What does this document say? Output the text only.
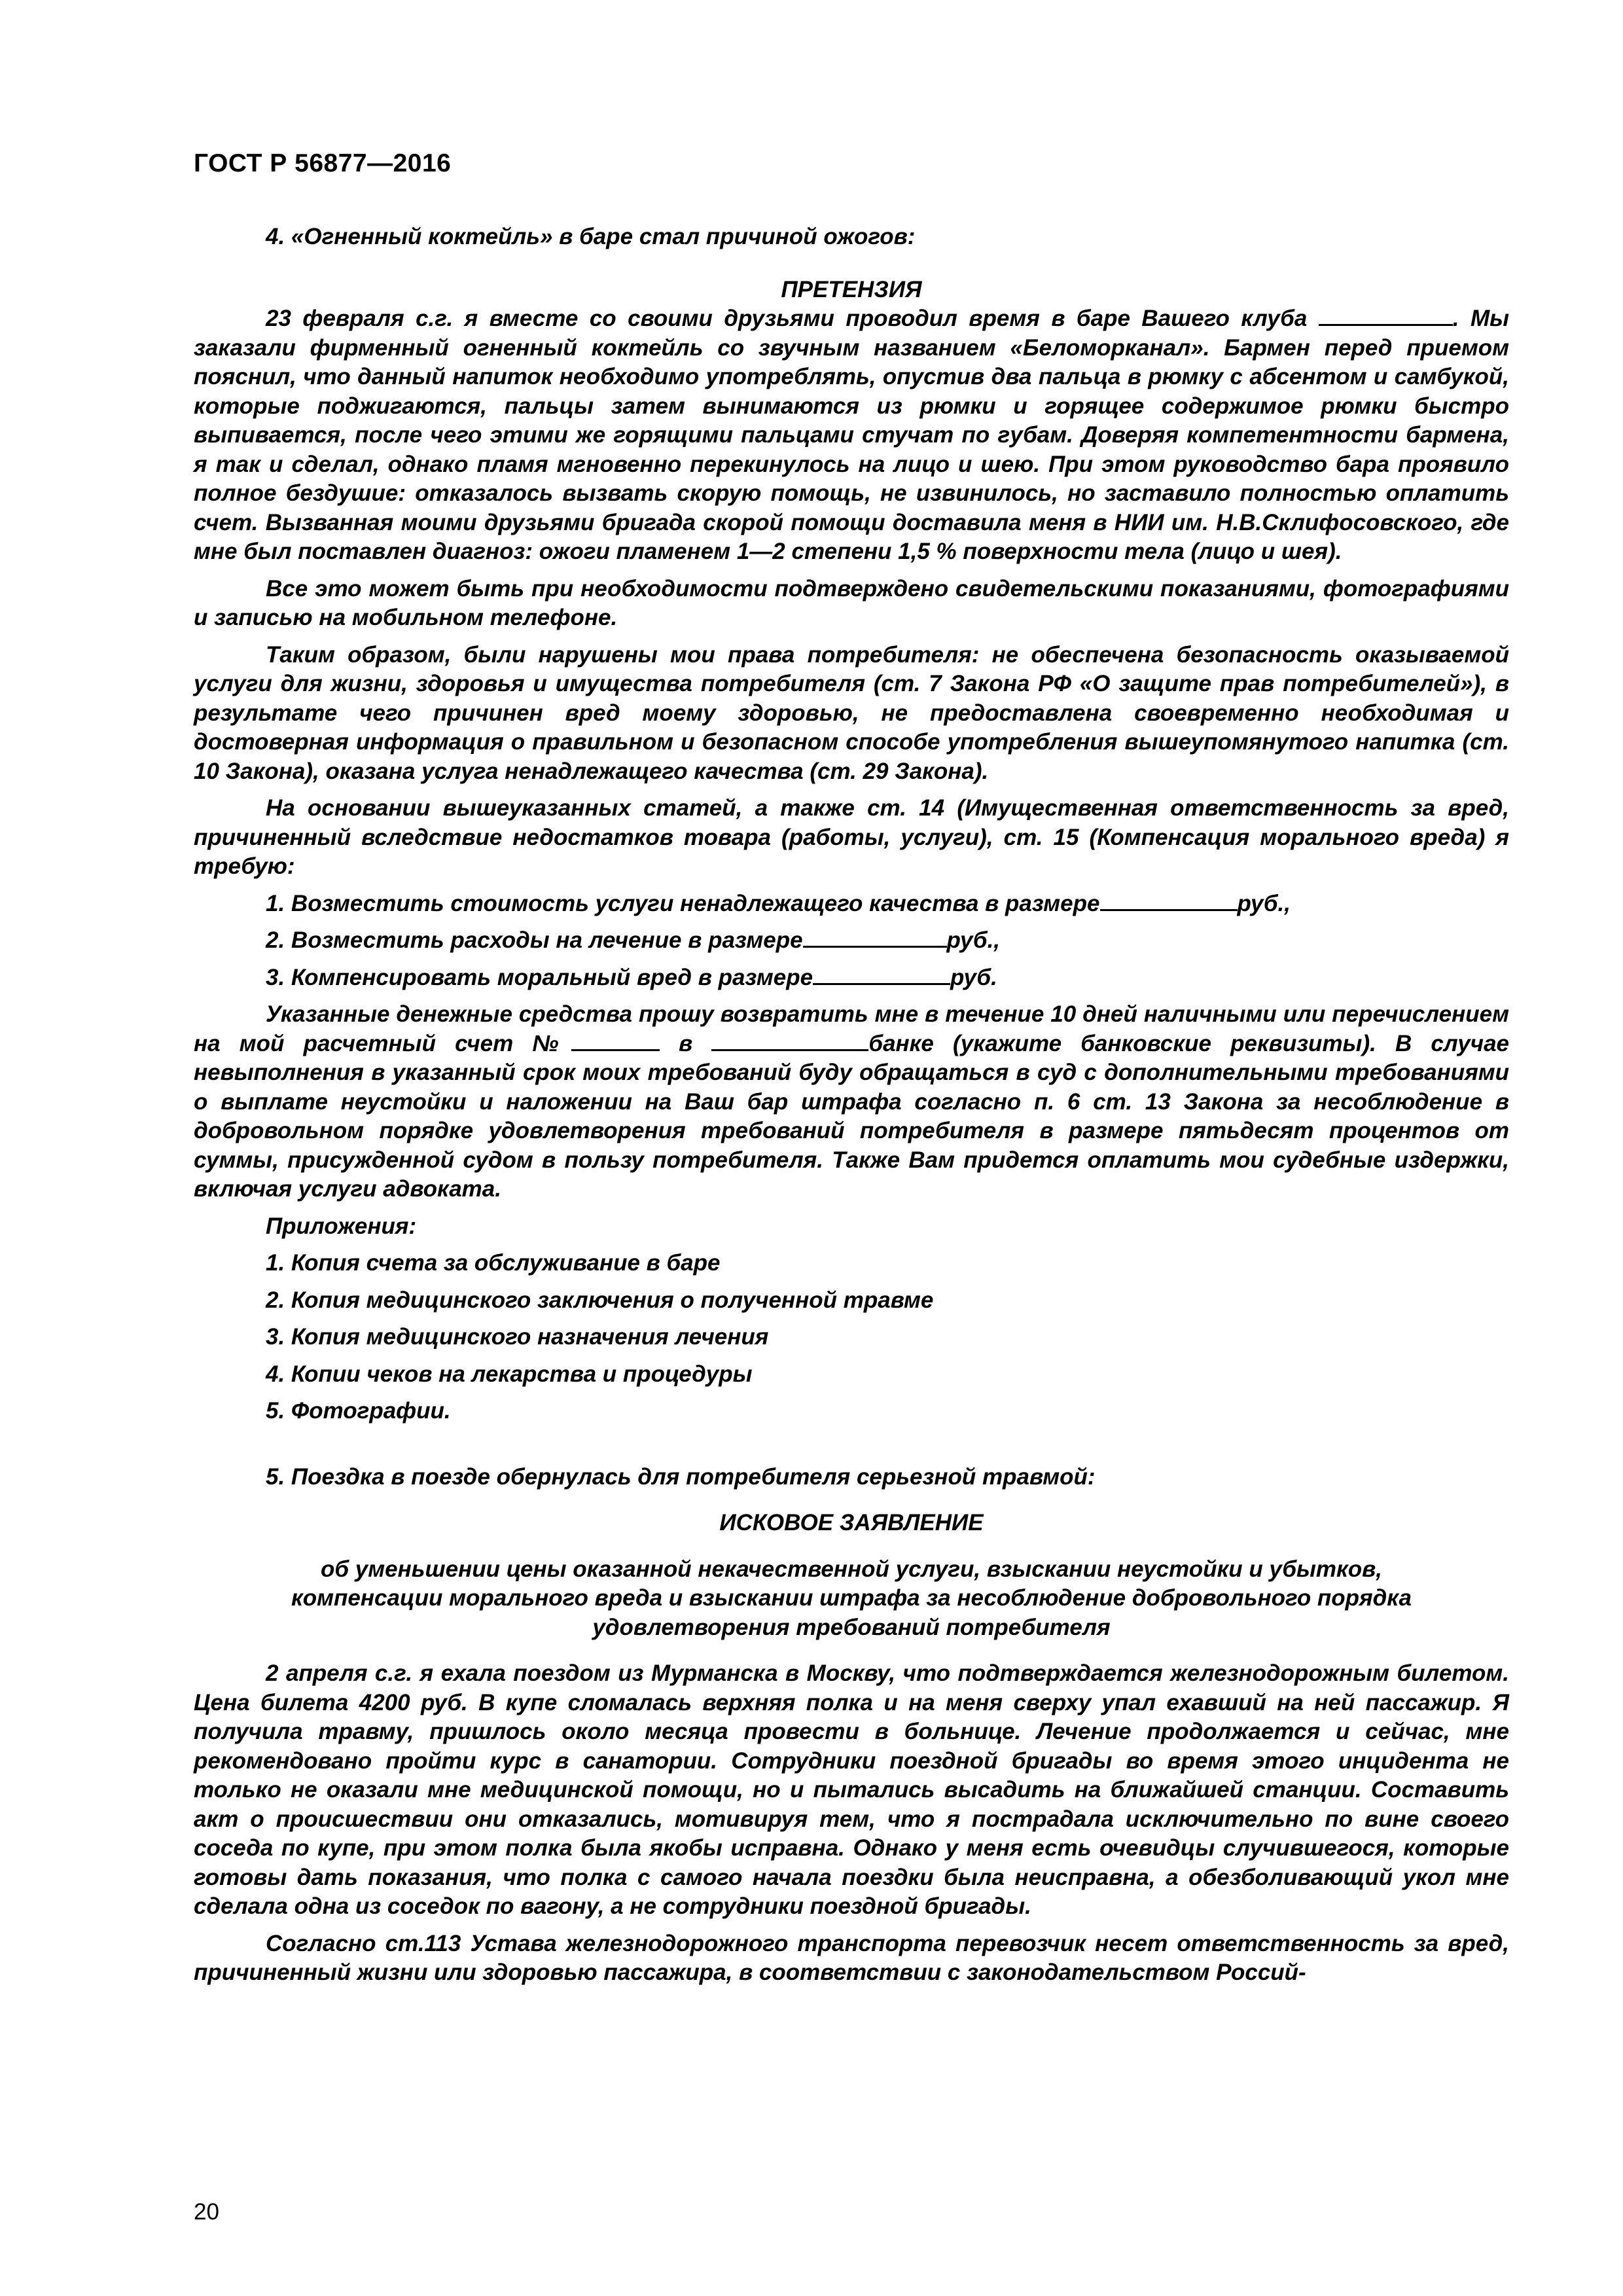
ГОСТ Р 56877—2016

4. «Огненный коктейль» в баре стал причиной ожогов:

ПРЕТЕНЗИЯ

23 февраля с.г. я вместе со своими друзьями проводил время в баре Вашего клуба	. Мы заказали фирменный огненный коктейль со звучным названием «Беломорканал». Бармен перед приемом пояснил, что данный напиток необходимо употреблять, опустив два пальца в рюмку с абсентом и самбукой, которые поджигаются, пальцы затем вынимаются из рюмки и горящее содержимое рюмки быстро выпивается, после чего этими же горящими пальцами стучат по губам. Доверяя компетентности бармена, я так и сделал, однако пламя мгновенно перекинулось на лицо и шею. При этом руководство бара проявило полное бездушие: отказалось вызвать скорую помощь, не извинилось, но заставило полностью оплатить счет. Вызванная моими друзьями бригада скорой помощи доставила меня в НИИ им. Н.В.Склифосовского, где мне был поставлен диагноз: ожоги пламенем 1—2 степени 1,5 % поверхности тела (лицо и шея).

Все это может быть при необходимости подтверждено свидетельскими показаниями, фотографиями и записью на мобильном телефоне.

Таким образом, были нарушены мои права потребителя: не обеспечена безопасность оказываемой услуги для жизни, здоровья и имущества потребителя (ст. 7 Закона РФ «О защите прав потребителей»), в результате чего причинен вред моему здоровью, не предоставлена своевременно необходимая и достоверная информация о правильном и безопасном способе употребления вышеупомянутого напитка (ст. 10 Закона), оказана услуга ненадлежащего качества (ст. 29 Закона).

На основании вышеуказанных статей, а также ст. 14 (Имущественная ответственность за вред, причиненный вследствие недостатков товара (работы, услуги), ст. 15 (Компенсация морального вреда) я требую:

1. Возместить стоимость услуги ненадлежащего качества в размере	руб.,

2. Возместить расходы на лечение в размере	руб.,

3. Компенсировать моральный вред в размере	руб.

Указанные денежные средства прошу возвратить мне в течение 10 дней наличными или перечислением на мой расчетный счет №	в	банке (укажите банковские реквизиты). В случае невыполнения в указанный срок моих требований буду обращаться в суд с дополнительными требованиями о выплате неустойки и наложении на Ваш бар штрафа согласно п. 6 ст. 13 Закона за несоблюдение в добровольном порядке удовлетворения требований потребителя в размере пятьдесят процентов от суммы, присужденной судом в пользу потребителя. Также Вам придется оплатить мои судебные издержки, включая услуги адвоката.

Приложения:

1. Копия счета за обслуживание в баре

2. Копия медицинского заключения о полученной травме

3. Копия медицинского назначения лечения

4. Копии чеков на лекарства и процедуры

5. Фотографии.

5. Поездка в поезде обернулась для потребителя серьезной травмой:

ИСКОВОЕ ЗАЯВЛЕНИЕ

об уменьшении цены оказанной некачественной услуги, взыскании неустойки и убытков,

компенсации морального вреда и взыскании штрафа за несоблюдение добровольного порядка

удовлетворения требований потребителя

2 апреля с.г. я ехала поездом из Мурманска в Москву, что подтверждается железнодорожным билетом. Цена билета 4200 руб. В купе сломалась верхняя полка и на меня сверху упал ехавший на ней пассажир. Я получила травму, пришлось около месяца провести в больнице. Лечение продолжается и сейчас, мне рекомендовано пройти курс в санатории. Сотрудники поездной бригады во время этого инцидента не только не оказали мне медицинской помощи, но и пытались высадить на ближайшей станции. Составить акт о происшествии они отказались, мотивируя тем, что я пострадала исключительно по вине своего соседа по купе, при этом полка была якобы исправна. Однако у меня есть очевидцы случившегося, которые готовы дать показания, что полка с самого начала поездки была неисправна, а обезболивающий укол мне сделала одна из соседок по вагону, а не сотрудники поездной бригады.

Согласно ст.113 Устава железнодорожного транспорта перевозчик несет ответственность за вред, причиненный жизни или здоровью пассажира, в соответствии с законодательством Россий-

20
